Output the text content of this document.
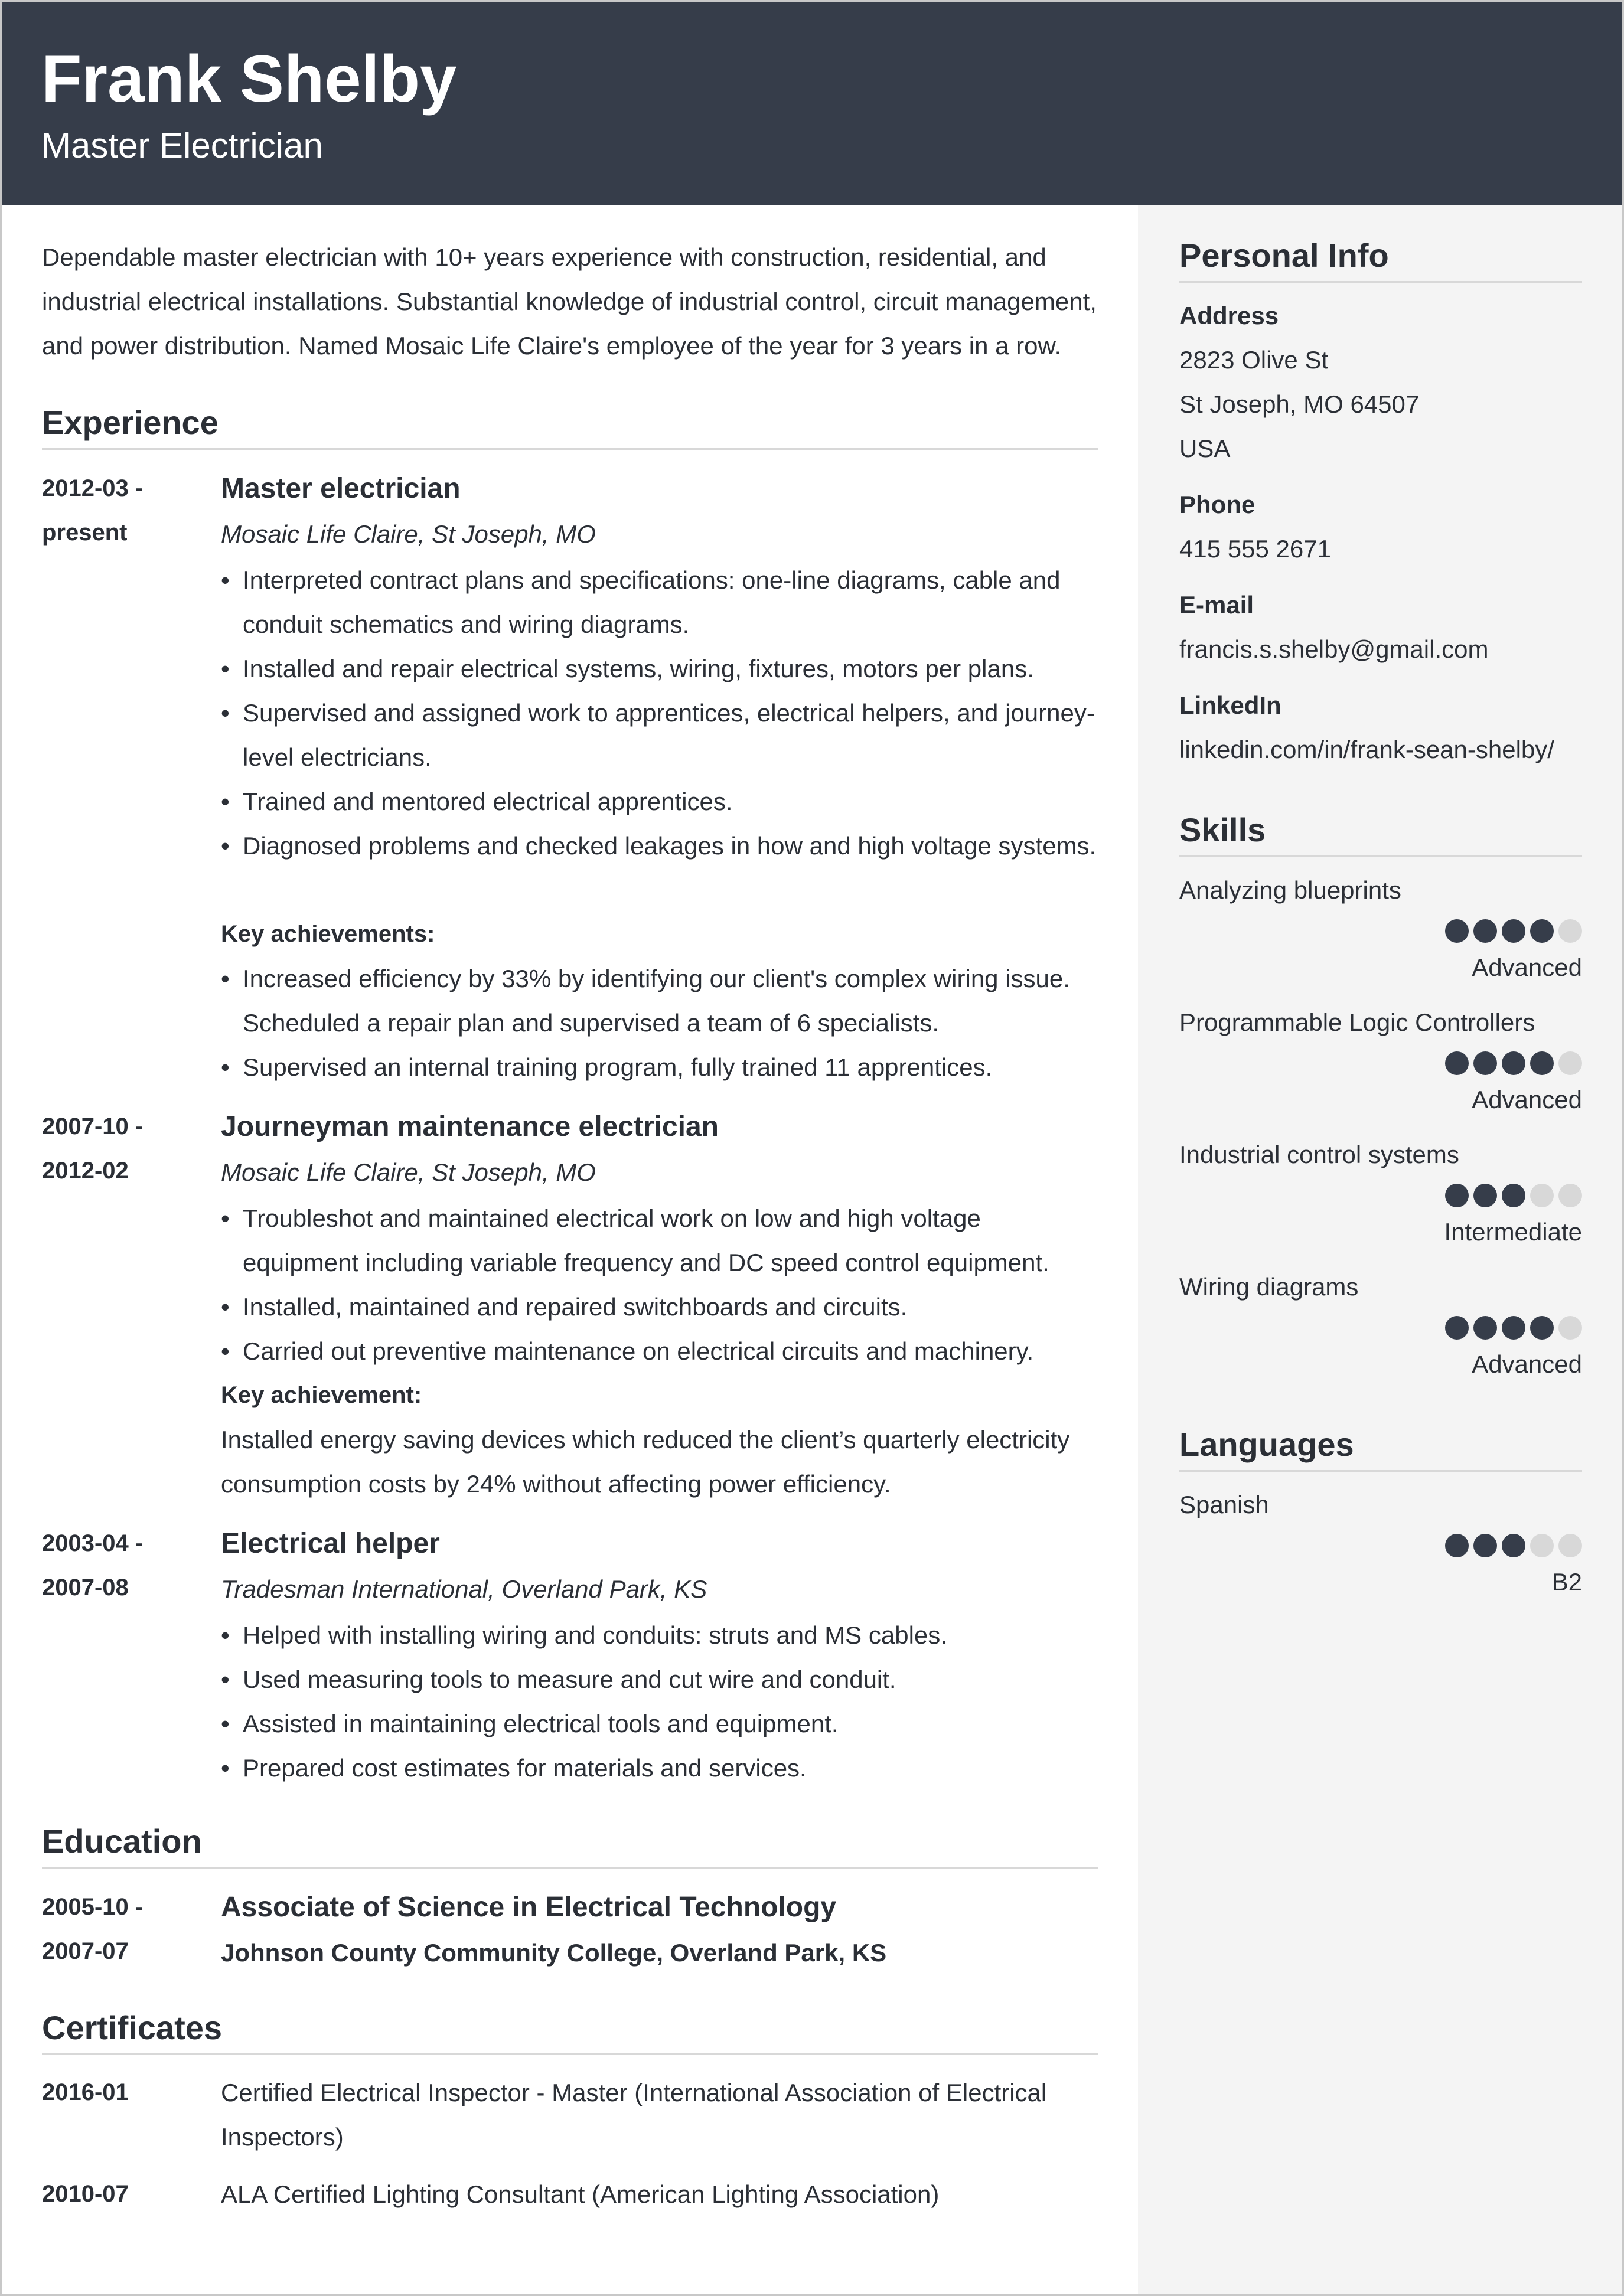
Frank Shelby
Master Electrician

Dependable master electrician with 10+ years experience with construction, residential, and industrial electrical installations. Substantial knowledge of industrial control, circuit management, and power distribution. Named Mosaic Life Claire's employee of the year for 3 years in a row.

Experience
2012-03 -
present
Master electrician
Mosaic Life Claire, St Joseph, MO
• Interpreted contract plans and specifications: one-line diagrams, cable and conduit schematics and wiring diagrams.
• Installed and repair electrical systems, wiring, fixtures, motors per plans.
• Supervised and assigned work to apprentices, electrical helpers, and journey-level electricians.
• Trained and mentored electrical apprentices.
• Diagnosed problems and checked leakages in how and high voltage systems.
Key achievements:
• Increased efficiency by 33% by identifying our client's complex wiring issue. Scheduled a repair plan and supervised a team of 6 specialists.
• Supervised an internal training program, fully trained 11 apprentices.
2007-10 -
2012-02
Journeyman maintenance electrician
Mosaic Life Claire, St Joseph, MO
• Troubleshot and maintained electrical work on low and high voltage equipment including variable frequency and DC speed control equipment.
• Installed, maintained and repaired switchboards and circuits.
• Carried out preventive maintenance on electrical circuits and machinery.
Key achievement:
Installed energy saving devices which reduced the client’s quarterly electricity consumption costs by 24% without affecting power efficiency.
2003-04 -
2007-08
Electrical helper
Tradesman International, Overland Park, KS
• Helped with installing wiring and conduits: struts and MS cables.
• Used measuring tools to measure and cut wire and conduit.
• Assisted in maintaining electrical tools and equipment.
• Prepared cost estimates for materials and services.
Education
2005-10 -
2007-07
Associate of Science in Electrical Technology
Johnson County Community College, Overland Park, KS
Certificates
2016-01	Certified Electrical Inspector - Master (International Association of Electrical Inspectors)
2010-07	ALA Certified Lighting Consultant (American Lighting Association)
Personal Info
Address
2823 Olive St
St Joseph, MO 64507
USA
Phone
415 555 2671
E-mail
francis.s.shelby@gmail.com
LinkedIn
linkedin.com/in/frank-sean-shelby/
Skills
Analyzing blueprints
Advanced
Programmable Logic Controllers
Advanced
Industrial control systems
Intermediate
Wiring diagrams
Advanced
Languages
Spanish
B2
